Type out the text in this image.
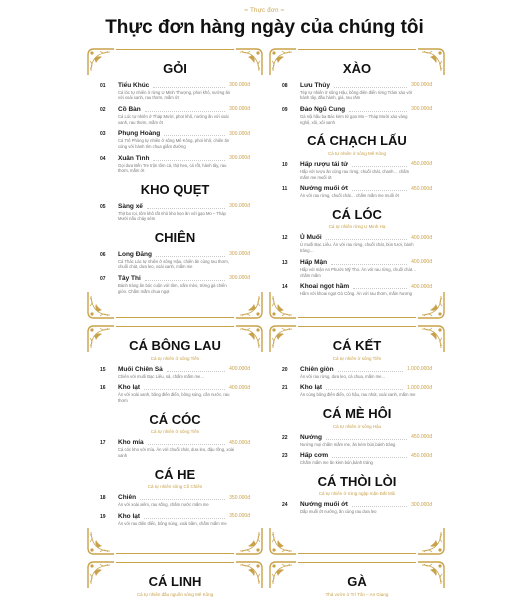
≈ Thực đơn ≈
Thực đơn hàng ngày của chúng tôi
GỎI
01 Tiểu Khúc	300.000đ
Cá lóc tự nhiên ở rừng U Minh Thượng, phơi khô, nướng ăn với xoài xanh, rau thơm, mắm ớt
02 Cồ Bàn	300.000đ
Cá Lóc tự nhiên ở Tháp Mười, phơi khô, nướng ăn với xoài xanh, rau thơm, mắm ớt
03 Phụng Hoàng	300.000đ
Cá Trê Phòng tự nhiên ở sông Mê Kông, phơi khô, chiên ăn cùng với hành tím chua giấm đường
04 Xuân Tình	300.000đ
Gọi dưa Bến Tre trộn tôm cá, thịt heo, cá rốt, hành tây, rau thơm, mắm ớt
KHO QUẸT
05 Sàng xế	300.000đ
Thịt ba rọi, tôm khô rất nhỏ kho kẹo ăn với gạo Mo – Tháp Mười nấu cháy sém
CHIÊN
06 Long Đăng	300.000đ
Cá Thác Lác tự nhiên ở sông Hậu, chiên ăn cùng rau thơm, chuối chát, dưa leo, xoài xanh, mắm me
07 Tây Thi	300.000đ
Bánh tráng ăn bóc cuộn với tôm, nấm mèo, trứng gà chiên giòn. Chấm mắm chua ngọt
XÀO
08 Lưu Thủy	300.000đ
Tép tự nhiên ở sông Hậu, bông điên điển rừng Trám xào với hành tây, đầu hành, giá, rau răm
09 Đảo Ngũ Cung	300.000đ
Gà nội hầu ba Bác kèm tử gạo Mo – Tháp Mười xào vàng nghệ, xôi, xôi xanh
CÁ CHẠCH LẤU
Cá tự nhiên ở sông Mê Kông
10 Hấp rượu tái tử	450.000đ
Hấp với rượu ăn cùng rau rừng, chuối chát, chanh… chấm mắm me muối ớt
11 Nướng muối ớt	450.000đ
Ăn với rau rừng, chuối chát… chấm mắm me muối ớt
CÁ LÓC
Cá tự nhiên rừng U Minh Hạ
12 Ủ Muối	400.000đ
Ủ muối Bạc Liêu. Ăn với rau rừng, chuối chát, bún tươi, bánh tráng…
13 Hấp Mận	400.000đ
Hấp với mận An Phước Mỹ Tho. Ăn với rau rừng, chuối chát… chấm mắm
14 Khoai ngọt hầm	400.000đ
Hầm với khoai ngọt Gò Công. Ăn với rau thơm, mắm hương
CÁ BÔNG LAU
Cá tự nhiên ở sông Tiền
15 Muối Chiên Sả	400.000đ
Chiên với muối Bạc Liêu, sả, chấm mắm me…
16 Kho lạt	400.000đ
Ăn với xoài xanh, bông điên điển, bông súng, cần nước, rau thơm
CÁ CÓC
Cá tự nhiên ở sông Tiền
17 Kho mía	450.000đ
Cá cóc kho với mía. Ăn với chuối chát, dưa leo, đậu rồng, xoài xanh
CÁ HE
Cá tự nhiên sông Cồ Chiên
18 Chiên	350.000đ
Ăn với xoài xiêm, rau sống, chấm nước mắm me
19 Kho lạt	350.000đ
Ăn với rau điên điển, bông súng, xoài bầm, chấm mắm me
CÁ KẾT
Cá tự nhiên ở sông Tiền
20 Chiên giòn	1.000.000đ
Ăn với rau rừng, dưa leo, cà chua, mắm me…
21 Kho lạt	1.000.000đ
Ăn cùng bông điên điển, củ hậu, rau nhút, xoài xanh, mắm me
CÁ MÈ HÔI
Cá tự nhiên ở sông Hậu
22 Nướng	450.000đ
Nướng mọi chấm mắm me, ăn kèm bún,bánh tráng
23 Hấp cơm	450.000đ
Chấm mắm me ăn kèm bún,bánh tráng
CÁ THÒI LÒI
Cá tự nhiên ở rừng ngập mặn Đất Mũi
24 Nướng muối ớt	300.000đ
Dấp muối ớt nướng, ăn cùng rau dưa leo
CÁ LINH
Cá tự nhiên đầu nguồn sông Mê Kông
GÀ
Thả vườn ở Trì Tôn – An Giang
